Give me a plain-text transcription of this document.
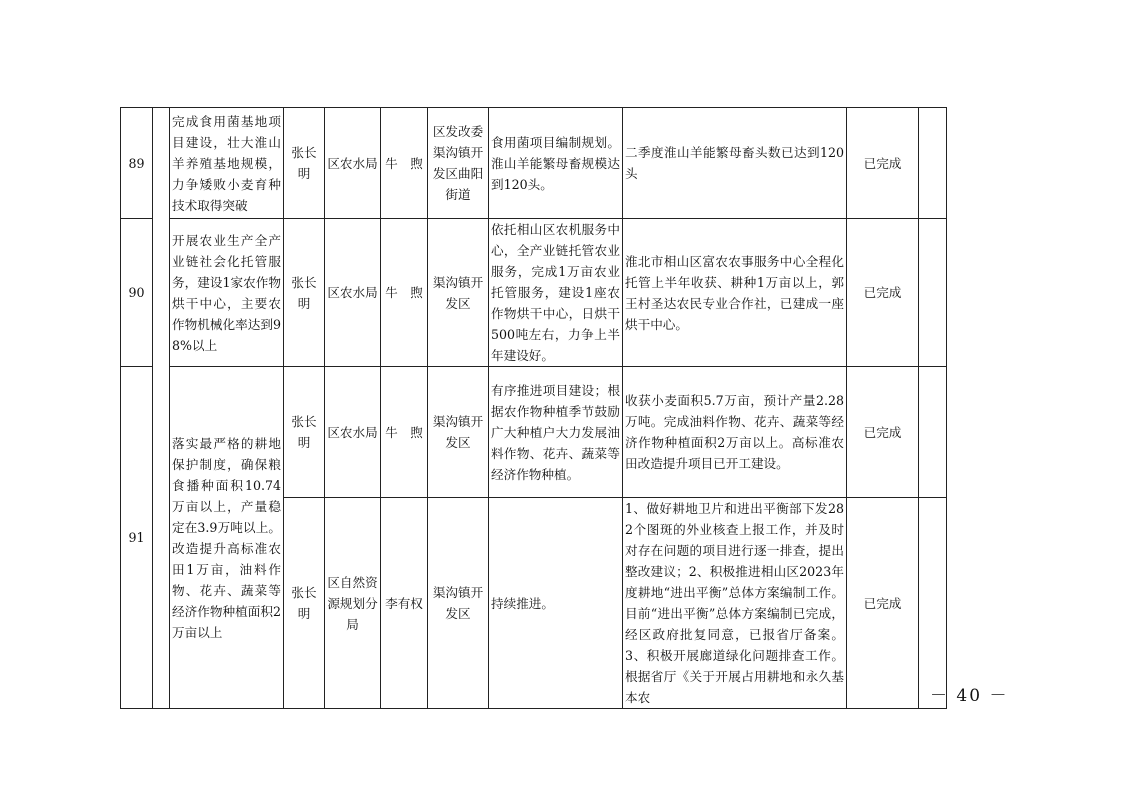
89		完成食用菌基地项目建设，壮大淮山羊养殖基地规模，力争矮败小麦育种技术取得突破	张长明	区农水局	牛　煦	区发改委渠沟镇开发区曲阳街道	食用菌项目编制规划。淮山羊能繁母畜规模达到120头。	二季度淮山羊能繁母畜头数已达到120头	已完成	
90		开展农业生产全产业链社会化托管服务，建设1家农作物烘干中心，主要农作物机械化率达到98%以上	张长明	区农水局	牛　煦	渠沟镇开发区	依托相山区农机服务中心，全产业链托管农业服务，完成1万亩农业托管服务，建设1座农作物烘干中心，日烘干500吨左右，力争上半年建设好。	淮北市相山区富农农事服务中心全程化托管上半年收获、耕种1万亩以上，郭王村圣达农民专业合作社，已建成一座烘干中心。	已完成	
91		落实最严格的耕地保护制度，确保粮食播种面积10.74万亩以上，产量稳定在3.9万吨以上。改造提升高标准农田1万亩，油料作物、花卉、蔬菜等经济作物种植面积2万亩以上	张长明	区农水局	牛　煦	渠沟镇开发区	有序推进项目建设；根据农作物种植季节鼓励广大种植户大力发展油料作物、花卉、蔬菜等经济作物种植。	收获小麦面积5.7万亩，预计产量2.28万吨。完成油料作物、花卉、蔬菜等经济作物种植面积2万亩以上。高标准农田改造提升项目已开工建设。	已完成	
			张长明	区自然资源规划分局	李有权	渠沟镇开发区	持续推进。	1、做好耕地卫片和进出平衡部下发282个图斑的外业核查上报工作，并及时对存在问题的项目进行逐一排查，提出整改建议；2、积极推进相山区2023年度耕地“进出平衡”总体方案编制工作。目前“进出平衡”总体方案编制已完成，经区政府批复同意，已报省厅备案。3、积极开展廊道绿化问题排查工作。根据省厅《关于开展占用耕地和永久基本农	已完成	
－ 40 －
